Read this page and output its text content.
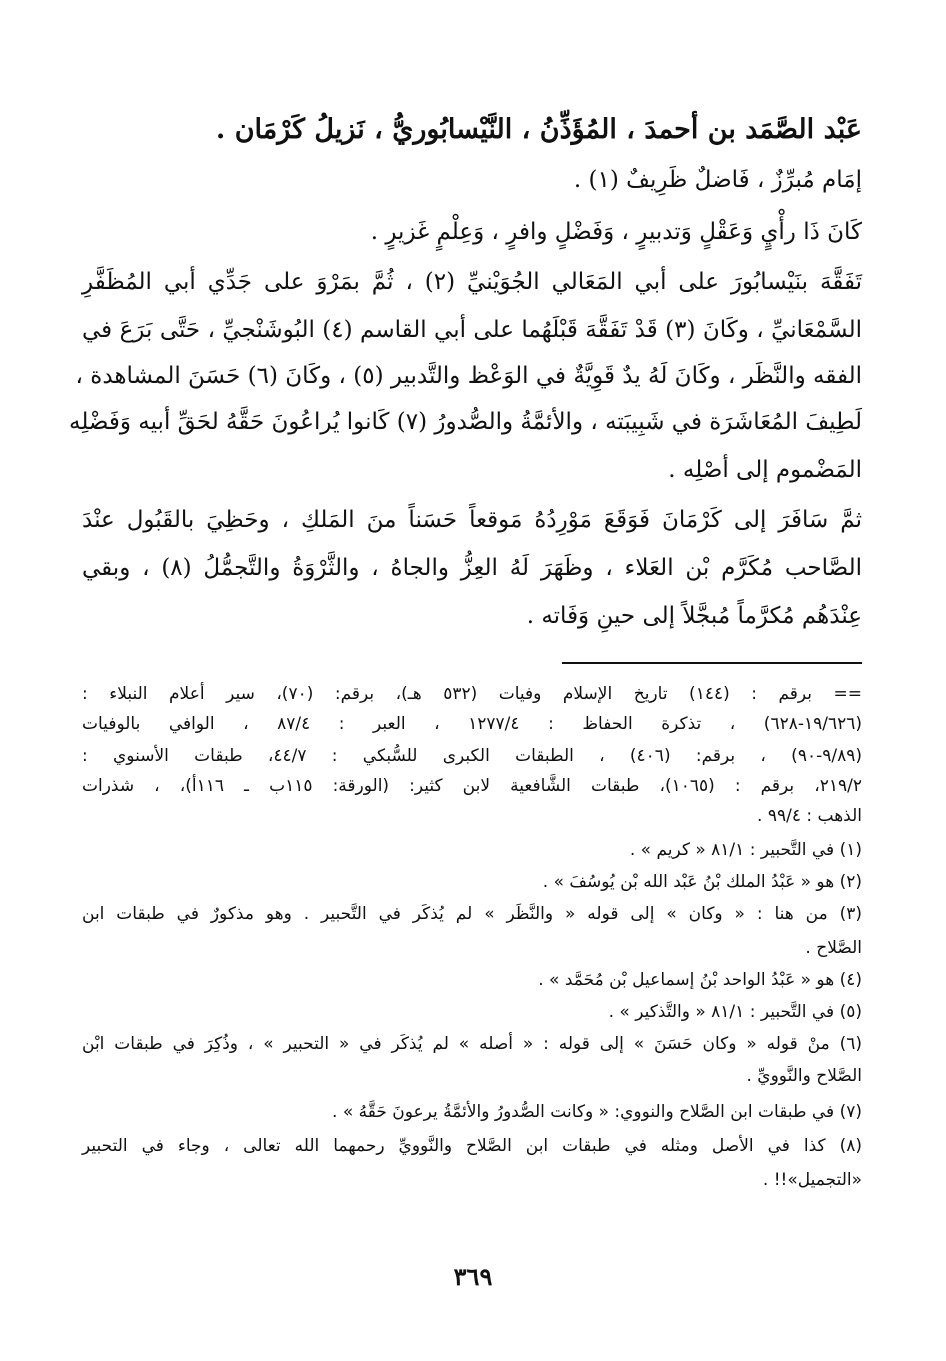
عَبْد الصَّمَد بن أحمدَ ، المُؤَذِّنُ ، النَّيْسابُوريُّ ، نَزيلُ كَرْمَان .
إمَام مُبرِّزٌ ، فَاضلٌ ظَرِيفٌ (١) .
كَانَ ذَا رأْيٍ وَعَقْلٍ وَتدبيرٍ ، وَفَضْلٍ وافرٍ ، وَعِلْمٍ غَزيرٍ .
تَفَقَّهَ بنَيْسابُورَ على أبي المَعَالي الجُوَيْنيِّ (٢) ، ثُمَّ بمَرْوَ على جَدِّي أبي المُظَفَّرِ
السَّمْعَانيِّ ، وكَانَ (٣) قَدْ تَفَقَّهَ قَبْلَهُما على أبي القاسم (٤) البُوشَنْجيِّ ، حَتَّى بَرَعَ في
الفقه والنَّظَر ، وكَانَ لَهُ يدٌ قَوِيَّةٌ في الوَعْظ والتَّدبير (٥) ، وكَانَ (٦) حَسَنَ المشاهدة ،
لَطِيفَ المُعَاشَرَة في شَبِيبَته ، والأئمَّةُ والصُّدورُ (٧) كَانوا يُراعُونَ حَقَّهُ لحَقِّ أبيه وَفَضْلِه
المَضْموم إلى أصْلِه .
ثمَّ سَافَرَ إلى كَرْمَانَ فَوَقَعَ مَوْرِدُهُ مَوقعاً حَسَناً منَ المَلكِ ، وحَظِيَ بالقَبُول عنْدَ
الصَّاحب مُكَرَّم بْن العَلاء ، وظَهَرَ لَهُ العِزُّ والجاهُ ، والثَّرْوَةُ والتَّجمُّلُ (٨) ، وبقي
عِنْدَهُم مُكرَّماً مُبجَّلاً إلى حينِ وَفَاته .
== برقم : (١٤٤) تاريخ الإسلام وفيات (٥٣٢ هـ)، برقم: (٧٠)، سير أعلام النبلاء :
(١٩/٦٢٦-٦٢٨) ، تذكرة الحفاظ : ١٢٧٧/٤ ، العبر : ٨٧/٤ ، الوافي بالوفيات
(٩/٨٩-٩٠) ، برقم: (٤٠٦) ، الطبقات الكبرى للسُّبكي : ٤٤/٧، طبقات الأسنوي :
٢١٩/٢، برقم : (١٠٦٥)، طبقات الشَّافعية لابن كثير: (الورقة: ١١٥ب ـ ١١٦أ)، ، شذرات
الذهب : ٩٩/٤ .
(١) في التَّحبير : ٨١/١ « كريم » .
(٢) هو « عَبْدُ الملك بْنُ عَبْد الله بْن يُوسُفَ » .
(٣) من هنا : « وكان » إلى قوله « والنَّظَر » لم يُذكَر في التَّحبير . وهو مذكورٌ في طبقات ابن
الصَّلاح .
(٤) هو « عَبْدُ الواحد بْنُ إسماعيل بْن مُحَمَّد » .
(٥) في التَّحبير : ٨١/١ « والتَّذكير » .
(٦) منْ قوله « وكان حَسَنَ » إلى قوله : « أصله » لم يُذكَر في « التحبير » ، وذُكِرَ في طبقات ابْن
الصَّلاح والنَّوويِّ .
(٧) في طبقات ابن الصَّلاح والنووي: « وكانت الصُّدورُ والأئمَّةُ يرعونَ حَقَّهُ » .
(٨) كذا في الأصل ومثله في طبقات ابن الصَّلاح والنَّوويِّ رحمهما الله تعالى ، وجاء في التحبير
«التجميل»!! .
٣٦٩
